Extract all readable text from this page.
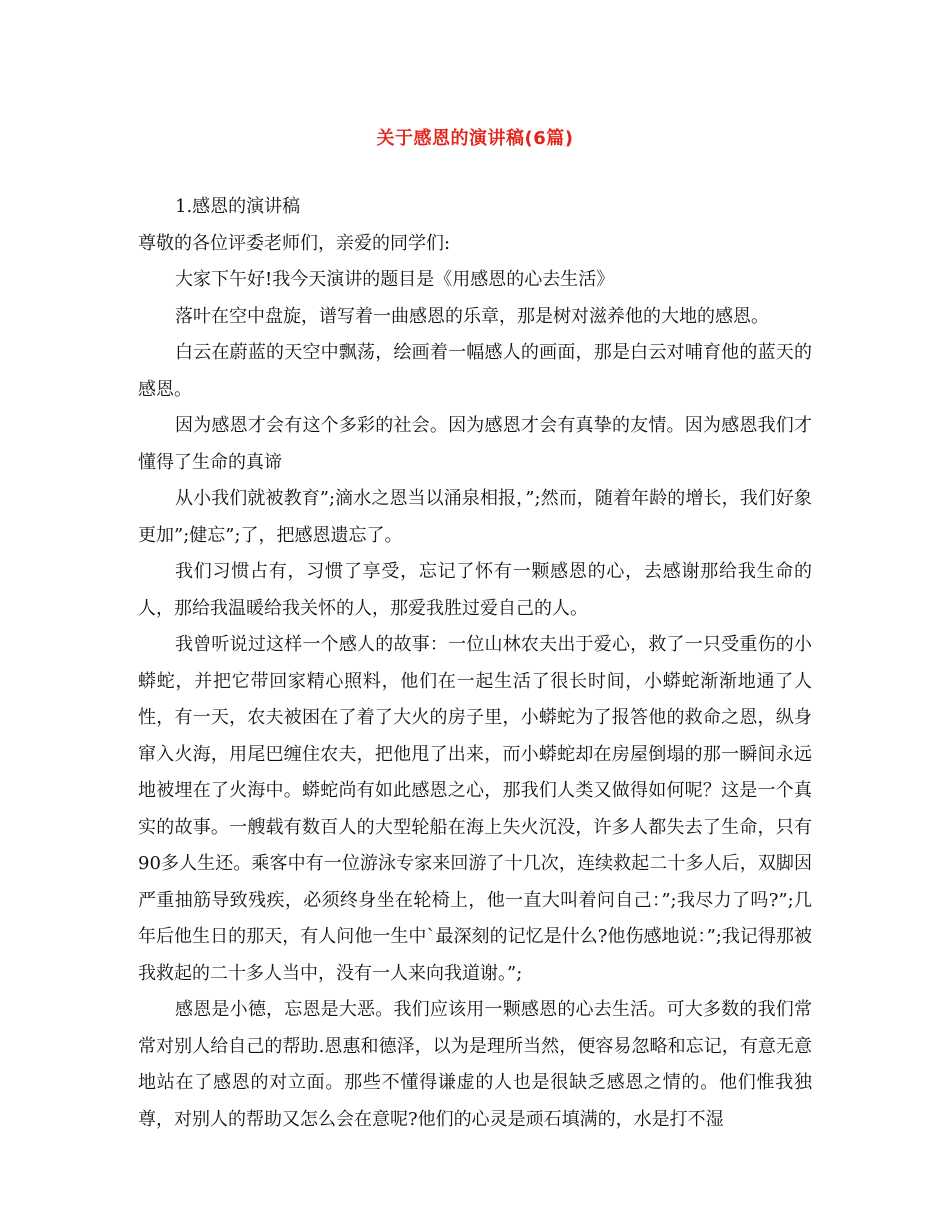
关于感恩的演讲稿(6篇)

1.感恩的演讲稿

尊敬的各位评委老师们，亲爱的同学们:

大家下午好!我今天演讲的题目是《用感恩的心去生活》

落叶在空中盘旋，谱写着一曲感恩的乐章，那是树对滋养他的大地的感恩。

白云在蔚蓝的天空中飘荡，绘画着一幅感人的画面，那是白云对哺育他的蓝天的感恩。

因为感恩才会有这个多彩的社会。因为感恩才会有真挚的友情。因为感恩我们才懂得了生命的真谛

从小我们就被教育”;滴水之恩当以涌泉相报，”;然而，随着年龄的增长，我们好象更加”;健忘”;了，把感恩遗忘了。

我们习惯占有，习惯了享受，忘记了怀有一颗感恩的心，去感谢那给我生命的人，那给我温暖给我关怀的人，那爱我胜过爱自己的人。

我曾听说过这样一个感人的故事：一位山林农夫出于爱心，救了一只受重伤的小蟒蛇，并把它带回家精心照料，他们在一起生活了很长时间，小蟒蛇渐渐地通了人性，有一天，农夫被困在了着了大火的房子里，小蟒蛇为了报答他的救命之恩，纵身窜入火海，用尾巴缠住农夫，把他甩了出来，而小蟒蛇却在房屋倒塌的那一瞬间永远地被埋在了火海中。蟒蛇尚有如此感恩之心，那我们人类又做得如何呢？这是一个真实的故事。一艘载有数百人的大型轮船在海上失火沉没，许多人都失去了生命，只有90多人生还。乘客中有一位游泳专家来回游了十几次，连续救起二十多人后，双脚因严重抽筋导致残疾，必须终身坐在轮椅上，他一直大叫着问自己：”;我尽力了吗?”;几年后他生日的那天，有人问他一生中`最深刻的记忆是什么?他伤感地说：”;我记得那被我救起的二十多人当中，没有一人来向我道谢。”;

感恩是小德，忘恩是大恶。我们应该用一颗感恩的心去生活。可大多数的我们常常对别人给自己的帮助.恩惠和德泽，以为是理所当然，便容易忽略和忘记，有意无意地站在了感恩的对立面。那些不懂得谦虚的人也是很缺乏感恩之情的。他们惟我独尊，对别人的帮助又怎么会在意呢?他们的心灵是顽石填满的，水是打不湿
